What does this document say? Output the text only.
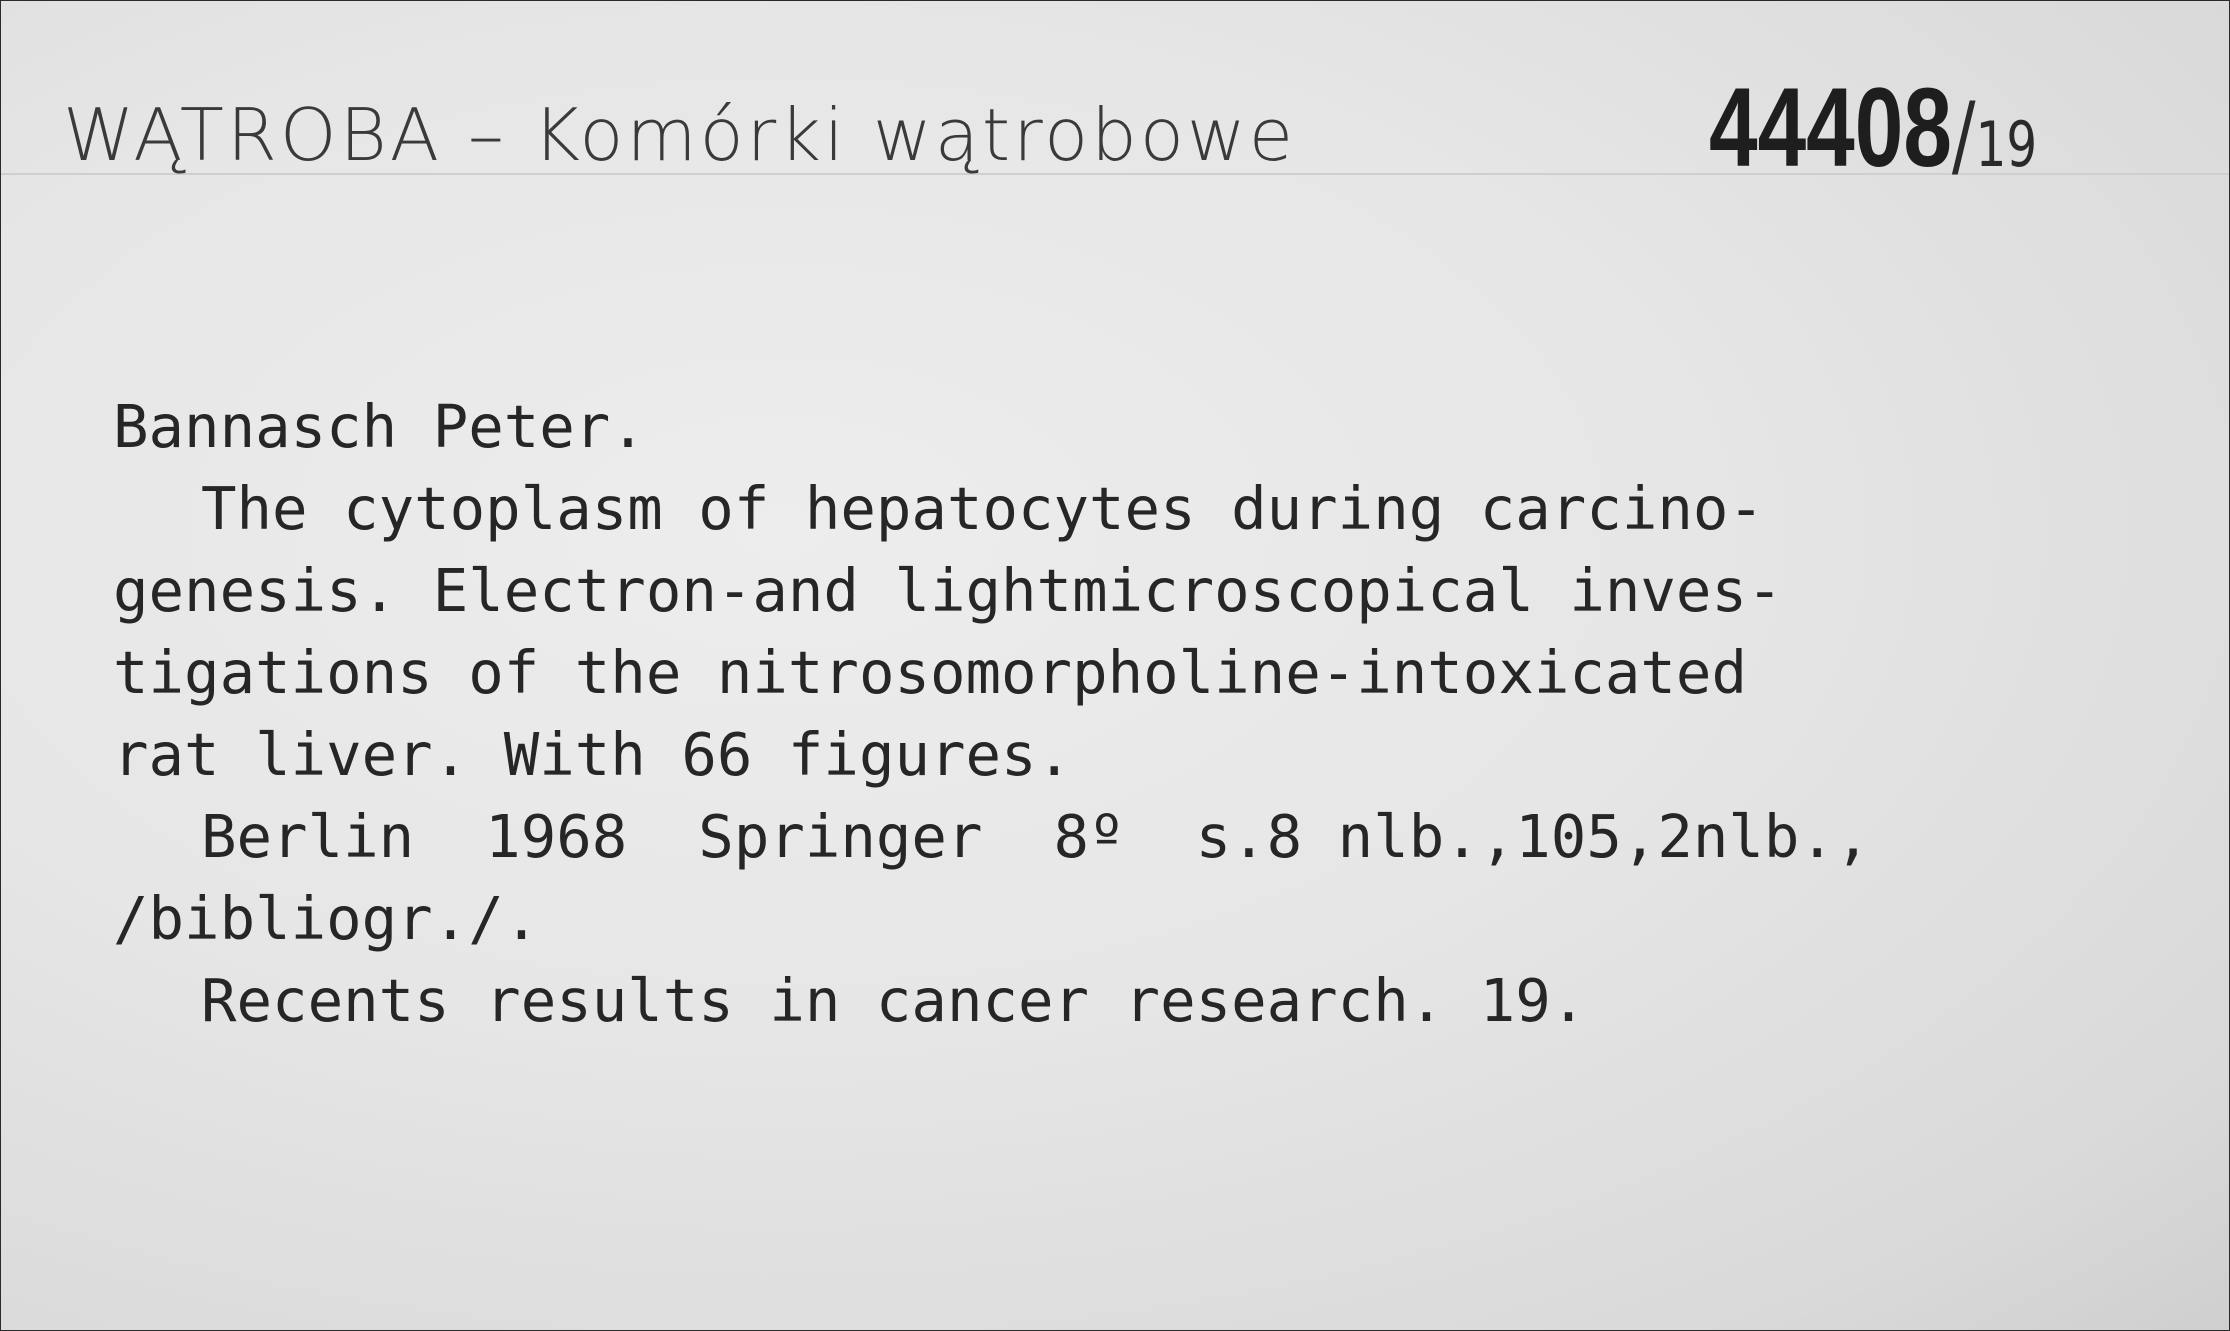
WĄTROBA – Komórki wątrobowe	44408/19
Bannasch Peter.
The cytoplasm of hepatocytes during carcino-
genesis. Electron-and lightmicroscopical inves-
tigations of the nitrosomorpholine-intoxicated
rat liver. With 66 figures.
Berlin  1968  Springer  8º  s.8 nlb.,105,2nlb.,
/bibliogr./.
Recents results in cancer research. 19.
